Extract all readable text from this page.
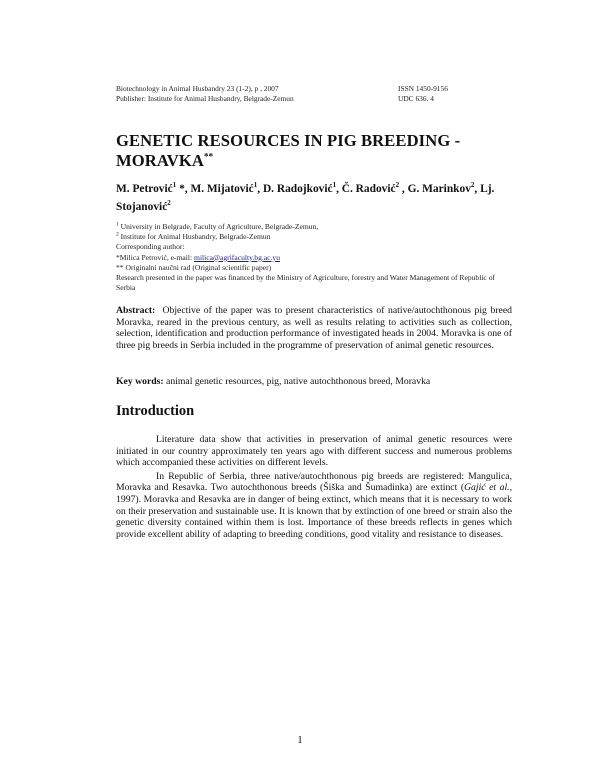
Biotechnology in Animal Husbandry 23 (1-2), p , 2007
Publisher: Institute for Animal Husbandry, Belgrade-Zemun
ISSN 1450-9156
UDC 636. 4
GENETIC RESOURCES IN PIG BREEDING -
MORAVKA**
M. Petrović$^1$ *, M. Mijatović$^1$, D. Radojković$^1$, Č. Radović$^2$ , G. Marinkov$^2$, Lj. Stojanović$^2$
$^1$ University in Belgrade, Faculty of Agriculture, Belgrade-Zemun,
$^2$ Institute for Animal Husbandry, Belgrade-Zemun
Corresponding author:
*Milica Petrović, e-mail: milica@agrifaculty.bg.ac.yu
** Originalni naučni rad (Original scientific paper)
Research presented in the paper was financed by the Ministry of Agriculture, forestry and Water Management of Republic of Serbia
Abstract: Objective of the paper was to present characteristics of native/autochthonous pig breed Moravka, reared in the previous century, as well as results relating to activities such as collection, selection, identification and production performance of investigated heads in 2004. Moravka is one of three pig breeds in Serbia included in the programme of preservation of animal genetic resources.
Key words: animal genetic resources, pig, native autochthonous breed, Moravka
Introduction

Literature data show that activities in preservation of animal genetic resources were initiated in our country approximately ten years ago with different success and numerous problems which accompanied these activities on different levels.

In Republic of Serbia, three native/autochthonous pig breeds are registered: Mangulica, Moravka and Resavka. Two autochthonous breeds (Šiška and Šumadinka) are extinct (Gajić et al., 1997). Moravka and Resavka are in danger of being extinct, which means that it is necessary to work on their preservation and sustainable use. It is known that by extinction of one breed or strain also the genetic diversity contained within them is lost. Importance of these breeds reflects in genes which provide excellent ability of adapting to breeding conditions, good vitality and resistance to diseases.

1
